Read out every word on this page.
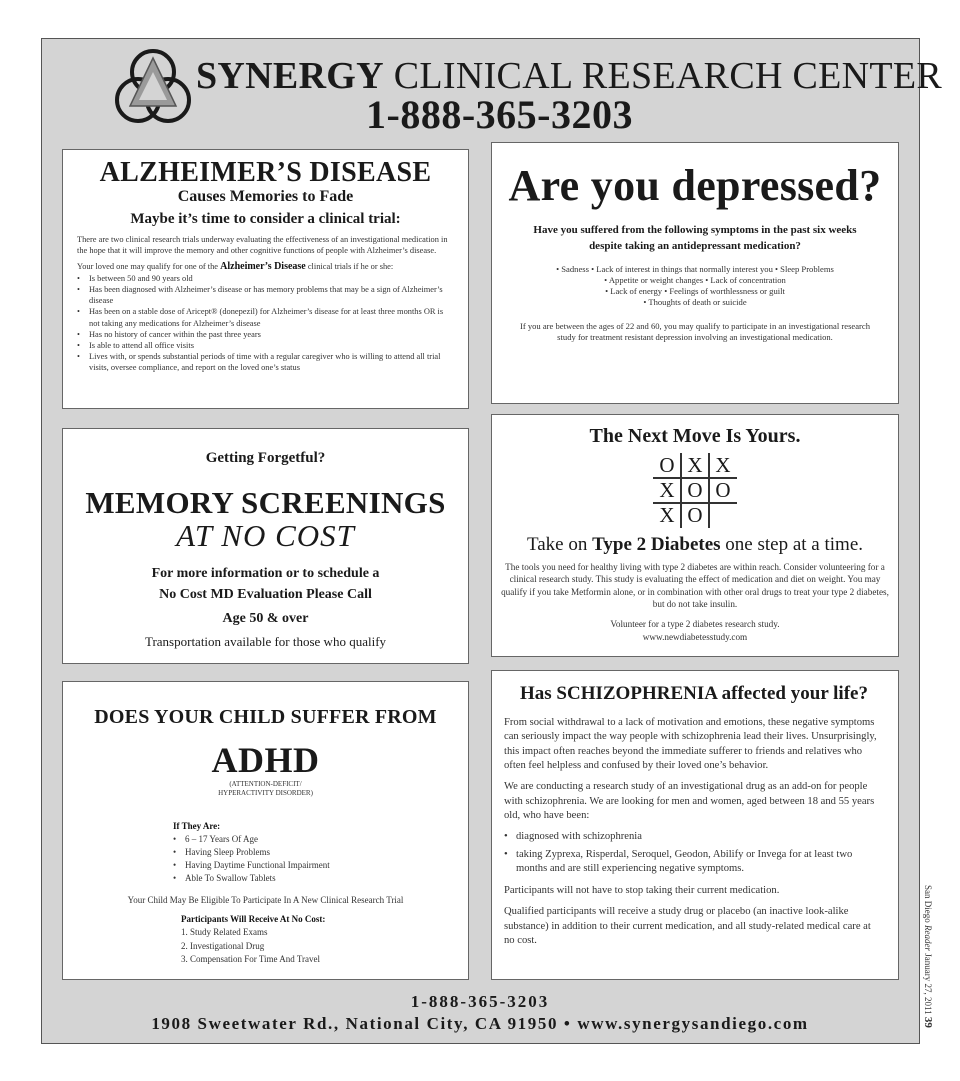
SYNERGY CLINICAL RESEARCH CENTER
1-888-365-3203
ALZHEIMER’S DISEASE
Causes Memories to Fade
Maybe it’s time to consider a clinical trial:
There are two clinical research trials underway evaluating the effectiveness of an investigational medication in the hope that it will improve the memory and other cognitive functions of people with Alzheimer’s disease.
Your loved one may qualify for one of the Alzheimer’s Disease clinical trials if he or she:
• Is between 50 and 90 years old
• Has been diagnosed with Alzheimer’s disease or has memory problems that may be a sign of Alzheimer’s disease
• Has been on a stable dose of Aricept® (donepezil) for Alzheimer’s disease for at least three months OR is not taking any medications for Alzheimer’s disease
• Has no history of cancer within the past three years
• Is able to attend all office visits
• Lives with, or spends substantial periods of time with a regular caregiver who is willing to attend all trial visits, oversee compliance, and report on the loved one’s status
Are you depressed?
Have you suffered from the following symptoms in the past six weeks
despite taking an antidepressant medication?
• Sadness • Lack of interest in things that normally interest you • Sleep Problems
• Appetite or weight changes • Lack of concentration
• Lack of energy • Feelings of worthlessness or guilt
• Thoughts of death or suicide
If you are between the ages of 22 and 60, you may qualify to participate in an investigational research study for treatment resistant depression involving an investigational medication.
Getting Forgetful?
MEMORY SCREENINGS
AT NO COST
For more information or to schedule a
No Cost MD Evaluation Please Call
Age 50 & over
Transportation available for those who qualify
The Next Move Is Yours.
O X X
X O O
X O
Take on Type 2 Diabetes one step at a time.
The tools you need for healthy living with type 2 diabetes are within reach. Consider volunteering for a clinical research study. This study is evaluating the effect of medication and diet on weight. You may qualify if you take Metformin alone, or in combination with other oral drugs to treat your type 2 diabetes, but do not take insulin.
Volunteer for a type 2 diabetes research study.
www.newdiabetesstudy.com
DOES YOUR CHILD SUFFER FROM
ADHD
(ATTENTION-DEFICIT/
HYPERACTIVITY DISORDER)
If They Are:
• 6 – 17 Years Of Age
• Having Sleep Problems
• Having Daytime Functional Impairment
• Able To Swallow Tablets
Your Child May Be Eligible To Participate In A New Clinical Research Trial
Participants Will Receive At No Cost:
1. Study Related Exams
2. Investigational Drug
3. Compensation For Time And Travel
Has SCHIZOPHRENIA affected your life?
From social withdrawal to a lack of motivation and emotions, these negative symptoms can seriously impact the way people with schizophrenia lead their lives. Unsurprisingly, this impact often reaches beyond the immediate sufferer to friends and relatives who often feel helpless and confused by their loved one’s behavior.
We are conducting a research study of an investigational drug as an add-on for people with schizophrenia. We are looking for men and women, aged between 18 and 55 years old, who have been:
• diagnosed with schizophrenia
• taking Zyprexa, Risperdal, Seroquel, Geodon, Abilify or Invega for at least two months and are still experiencing negative symptoms.
Participants will not have to stop taking their current medication.
Qualified participants will receive a study drug or placebo (an inactive look-alike substance) in addition to their current medication, and all study-related medical care at no cost.
1-888-365-3203
1908 Sweetwater Rd., National City, CA 91950 • www.synergysandiego.com
San Diego Reader January 27, 2011 39
